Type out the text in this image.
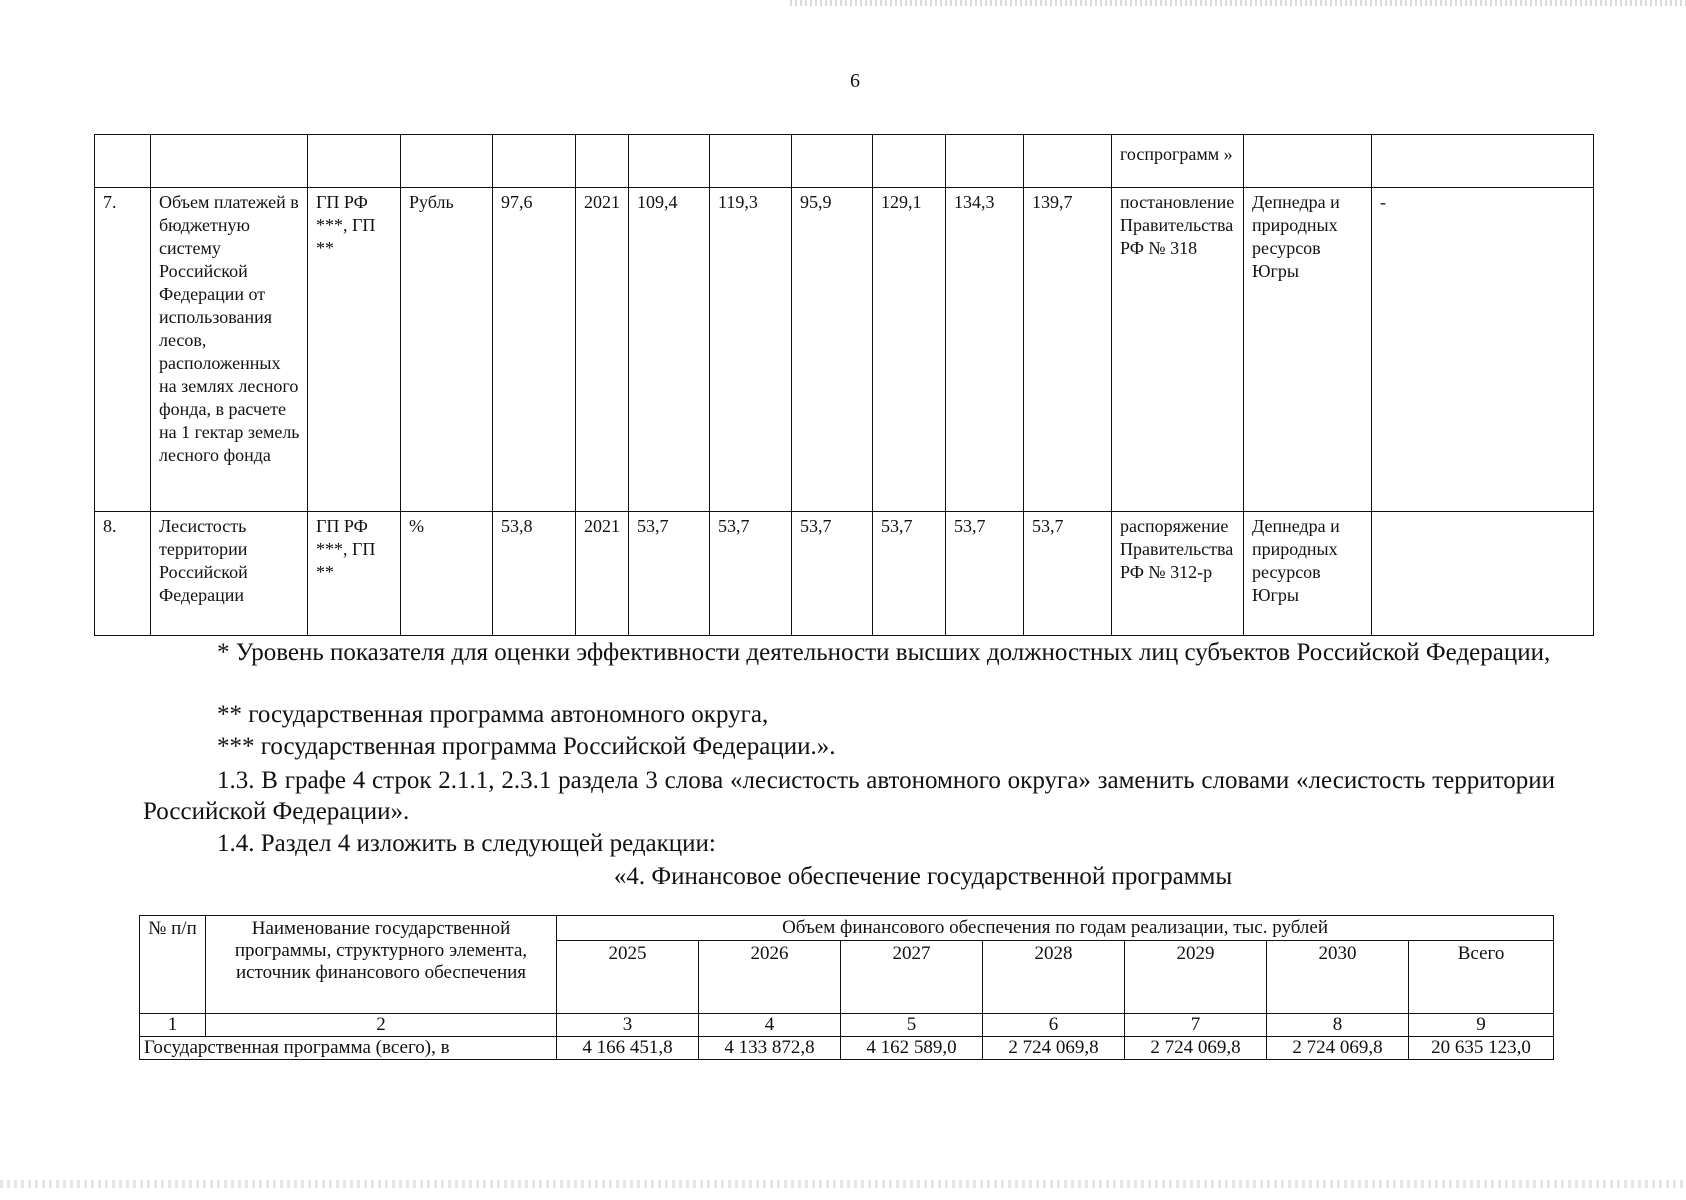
6
												госпрограмм »		
7.	Объем платежей в бюджетную систему Российской Федерации от использования лесов, расположенных на землях лесного фонда, в расчете на 1 гектар земель лесного фонда	ГП РФ ***, ГП **	Рубль	97,6	2021	109,4	119,3	95,9	129,1	134,3	139,7	постановление Правительства РФ № 318	Депнедра и природных ресурсов Югры	-
8.	Лесистость территории Российской Федерации	ГП РФ ***, ГП **	%	53,8	2021	53,7	53,7	53,7	53,7	53,7	53,7	распоряжение Правительства РФ № 312-р	Депнедра и природных ресурсов Югры	
* Уровень показателя для оценки эффективности деятельности высших должностных лиц субъектов Российской Федерации,
** государственная программа автономного округа,
*** государственная программа Российской Федерации.».
1.3. В графе 4 строк 2.1.1, 2.3.1 раздела 3 слова «лесистость автономного округа» заменить словами «лесистость территории Российской Федерации».
1.4. Раздел 4 изложить в следующей редакции:
«4. Финансовое обеспечение государственной программы
№ п/п	Наименование государственной программы, структурного элемента, источник финансового обеспечения	Объем финансового обеспечения по годам реализации, тыс. рублей						
		2025	2026	2027	2028	2029	2030	Всего
1	2	3	4	5	6	7	8	9
Государственная программа (всего), в		4 166 451,8	4 133 872,8	4 162 589,0	2 724 069,8	2 724 069,8	2 724 069,8	20 635 123,0
